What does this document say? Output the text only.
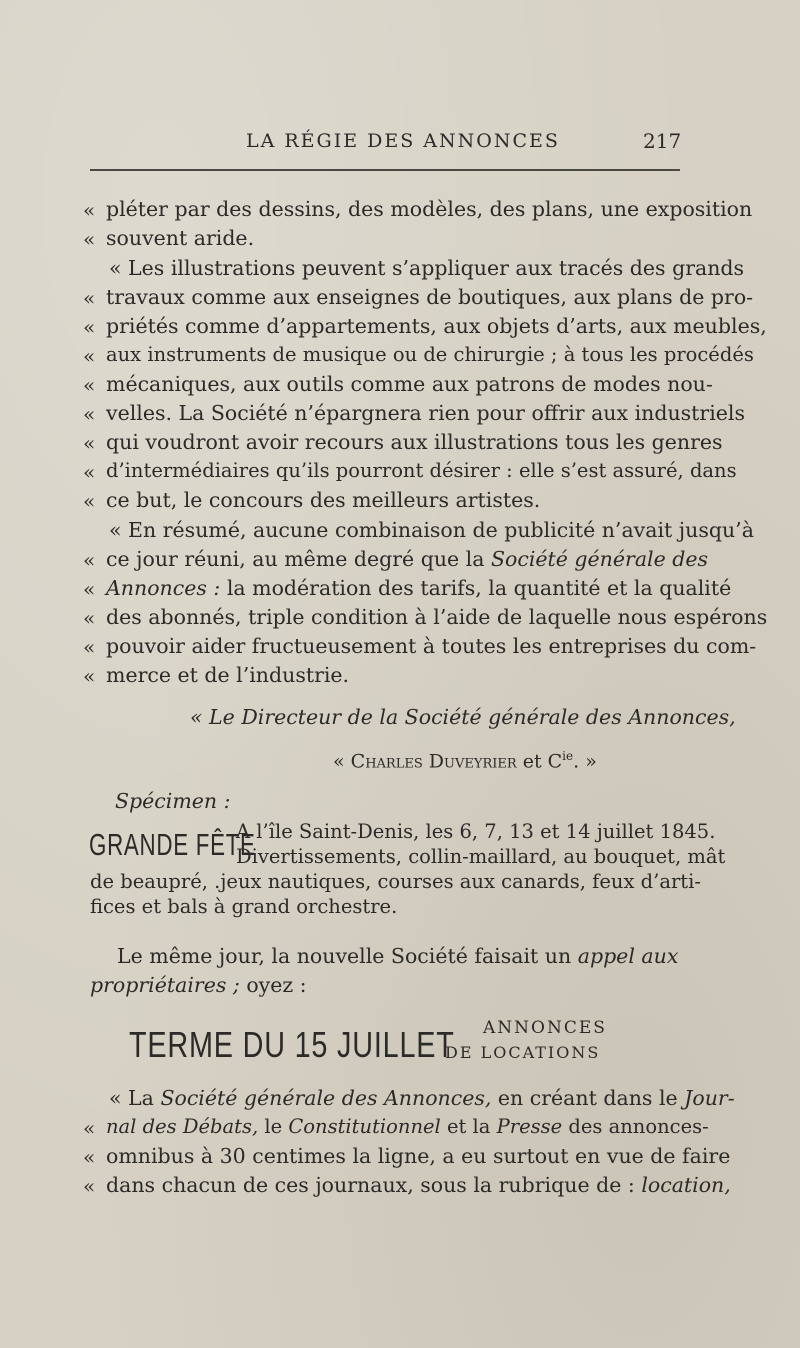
LA RÉGIE DES ANNONCES	217
« pléter par des dessins, des modèles, des plans, une exposition
« souvent aride.
« Les illustrations peuvent s’appliquer aux tracés des grands
« travaux comme aux enseignes de boutiques, aux plans de pro-
« priétés comme d’appartements, aux objets d’arts, aux meubles,
« aux instruments de musique ou de chirurgie ; à tous les procédés
« mécaniques, aux outils comme aux patrons de modes nou-
« velles. La Société n’épargnera rien pour offrir aux industriels
« qui voudront avoir recours aux illustrations tous les genres
« d’intermédiaires qu’ils pourront désirer : elle s’est assuré, dans
« ce but, le concours des meilleurs artistes.
« En résumé, aucune combinaison de publicité n’avait jusqu’à
« ce jour réuni, au même degré que la Société générale des
« Annonces : la modération des tarifs, la quantité et la qualité
« des abonnés, triple condition à l’aide de laquelle nous espérons
« pouvoir aider fructueusement à toutes les entreprises du com-
« merce et de l’industrie.
« Le Directeur de la Société générale des Annonces,
« Charles Duveyrier et $C^{ie}$. »
Spécimen :
GRANDE FÊTE
A l’île Saint-Denis, les 6, 7, 13 et 14 juillet 1845.
Divertissements, collin-maillard, au bouquet, mât
de beaupré, .jeux nautiques, courses aux canards, feux d’arti-
fices et bals à grand orchestre.
Le même jour, la nouvelle Société faisait un appel aux
propriétaires ; oyez :
TERME DU 15 JUILLET ANNONCES
DE LOCATIONS
« La Société générale des Annonces, en créant dans le Jour-
« nal des Débats, le Constitutionnel et la Presse des annonces-
« omnibus à 30 centimes la ligne, a eu surtout en vue de faire
« dans chacun de ces journaux, sous la rubrique de : location,
